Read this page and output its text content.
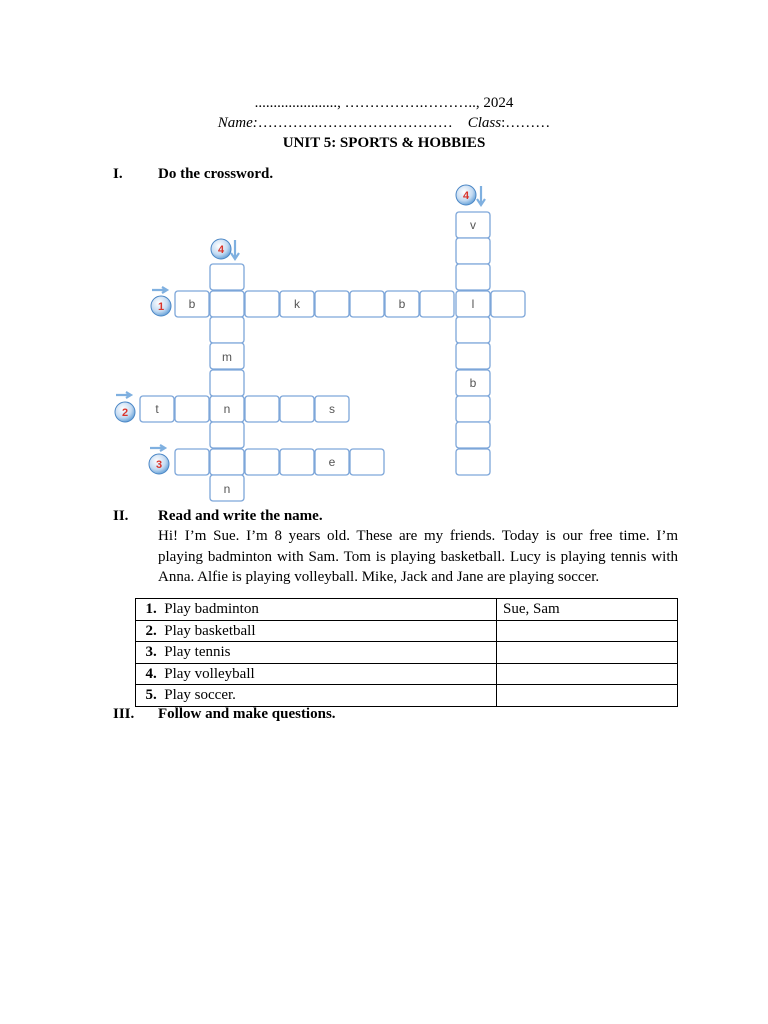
......................, …………….……….., 2024
Name:………………………………… Class:………
UNIT 5: SPORTS & HOBBIES
I. Do the crossword.
b	k	b	l
t	n	s
e
m
n
v
b
1
2
3
4
4
II. Read and write the name.
Hi! I’m Sue. I’m 8 years old. These are my friends. Today is our free time. I’m playing badminton with Sam. Tom is playing basketball. Lucy is playing tennis with Anna. Alfie is playing volleyball. Mike, Jack and Jane are playing soccer.
1.	Play badminton	Sue, Sam
2.	Play basketball	
3.	Play tennis	
4.	Play volleyball	
5.	Play soccer.	
III. Follow and make questions.
